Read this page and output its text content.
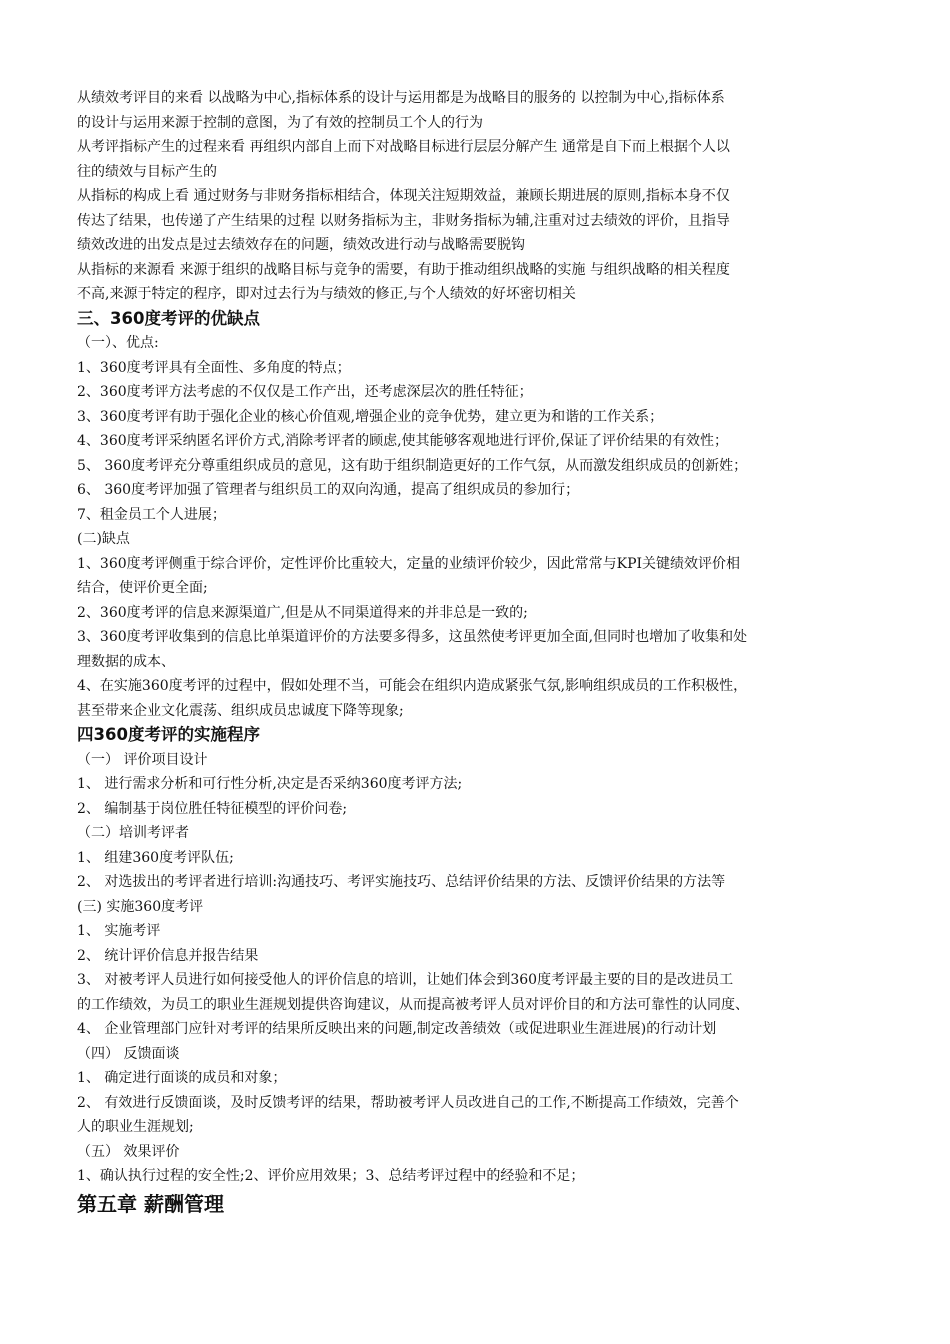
从绩效考评目的来看 以战略为中心,指标体系的设计与运用都是为战略目的服务的 以控制为中心,指标体系

的设计与运用来源于控制的意图，为了有效的控制员工个人的行为

从考评指标产生的过程来看 再组织内部自上而下对战略目标进行层层分解产生 通常是自下而上根据个人以

往的绩效与目标产生的

从指标的构成上看 通过财务与非财务指标相结合，体现关注短期效益，兼顾长期进展的原则,指标本身不仅

传达了结果，也传递了产生结果的过程 以财务指标为主，非财务指标为辅,注重对过去绩效的评价，且指导

绩效改进的出发点是过去绩效存在的问题，绩效改进行动与战略需要脱钩

从指标的来源看 来源于组织的战略目标与竞争的需要，有助于推动组织战略的实施 与组织战略的相关程度

不高,来源于特定的程序，即对过去行为与绩效的修正,与个人绩效的好坏密切相关

三、360度考评的优缺点

（一）、优点:

1、360度考评具有全面性、多角度的特点；

2、360度考评方法考虑的不仅仅是工作产出，还考虑深层次的胜任特征；

3、360度考评有助于强化企业的核心价值观,增强企业的竞争优势，建立更为和谐的工作关系；

4、360度考评采纳匿名评价方式,消除考评者的顾虑,使其能够客观地进行评价,保证了评价结果的有效性；

5、 360度考评充分尊重组织成员的意见，这有助于组织制造更好的工作气氛，从而激发组织成员的创新姓；

6、 360度考评加强了管理者与组织员工的双向沟通，提高了组织成员的参加行；

7、租金员工个人进展；

(二)缺点

1、360度考评侧重于综合评价，定性评价比重较大，定量的业绩评价较少，因此常常与KPI关键绩效评价相

结合，使评价更全面;

2、360度考评的信息来源渠道广,但是从不同渠道得来的并非总是一致的;

3、360度考评收集到的信息比单渠道评价的方法要多得多，这虽然使考评更加全面,但同时也增加了收集和处

理数据的成本、

4、在实施360度考评的过程中，假如处理不当，可能会在组织内造成紧张气氛,影响组织成员的工作积极性，

甚至带来企业文化震荡、组织成员忠诚度下降等现象;

四360度考评的实施程序

（一） 评价项目设计

1、 进行需求分析和可行性分析,决定是否采纳360度考评方法;

2、 编制基于岗位胜任特征模型的评价问卷;

（二）培训考评者

1、 组建360度考评队伍;

2、 对选拔出的考评者进行培训:沟通技巧、考评实施技巧、总结评价结果的方法、反馈评价结果的方法等

(三) 实施360度考评

1、 实施考评

2、 统计评价信息并报告结果

3、 对被考评人员进行如何接受他人的评价信息的培训，让她们体会到360度考评最主要的目的是改进员工

的工作绩效，为员工的职业生涯规划提供咨询建议，从而提高被考评人员对评价目的和方法可靠性的认同度、

4、 企业管理部门应针对考评的结果所反映出来的问题,制定改善绩效（或促进职业生涯进展)的行动计划

（四） 反馈面谈

1、 确定进行面谈的成员和对象；

2、 有效进行反馈面谈，及时反馈考评的结果，帮助被考评人员改进自己的工作,不断提高工作绩效，完善个

人的职业生涯规划;

（五） 效果评价

1、确认执行过程的安全性;2、评价应用效果；3、总结考评过程中的经验和不足；

第五章 薪酬管理
